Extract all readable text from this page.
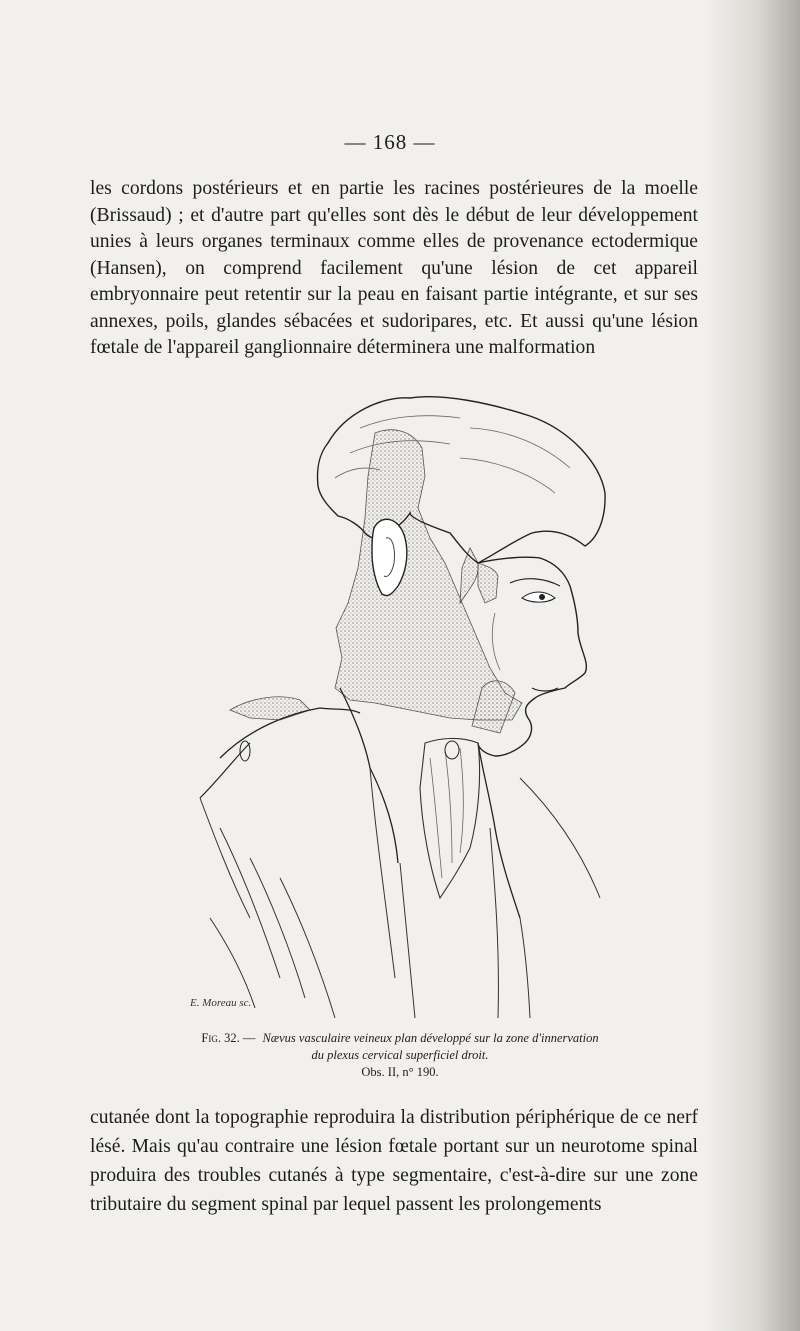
— 168 —

les cordons postérieurs et en partie les racines postérieures de la moelle (Brissaud) ; et d'autre part qu'elles sont dès le début de leur développement unies à leurs organes terminaux comme elles de provenance ectodermique (Hansen), on comprend facilement qu'une lésion de cet appareil embryonnaire peut retentir sur la peau en faisant partie intégrante, et sur ses annexes, poils, glandes sébacées et sudoripares, etc. Et aussi qu'une lésion fœtale de l'appareil ganglionnaire déterminera une malformation

E. Moreau sc.
Fig. 32. — Nævus vasculaire veineux plan développé sur la zone d'innervation
du plexus cervical superficiel droit.
Obs. II, n° 190.

cutanée dont la topographie reproduira la distribution périphérique de ce nerf lésé. Mais qu'au contraire une lésion fœtale portant sur un neurotome spinal produira des troubles cutanés à type segmentaire, c'est-à-dire sur une zone tributaire du segment spinal par lequel passent les prolongements
